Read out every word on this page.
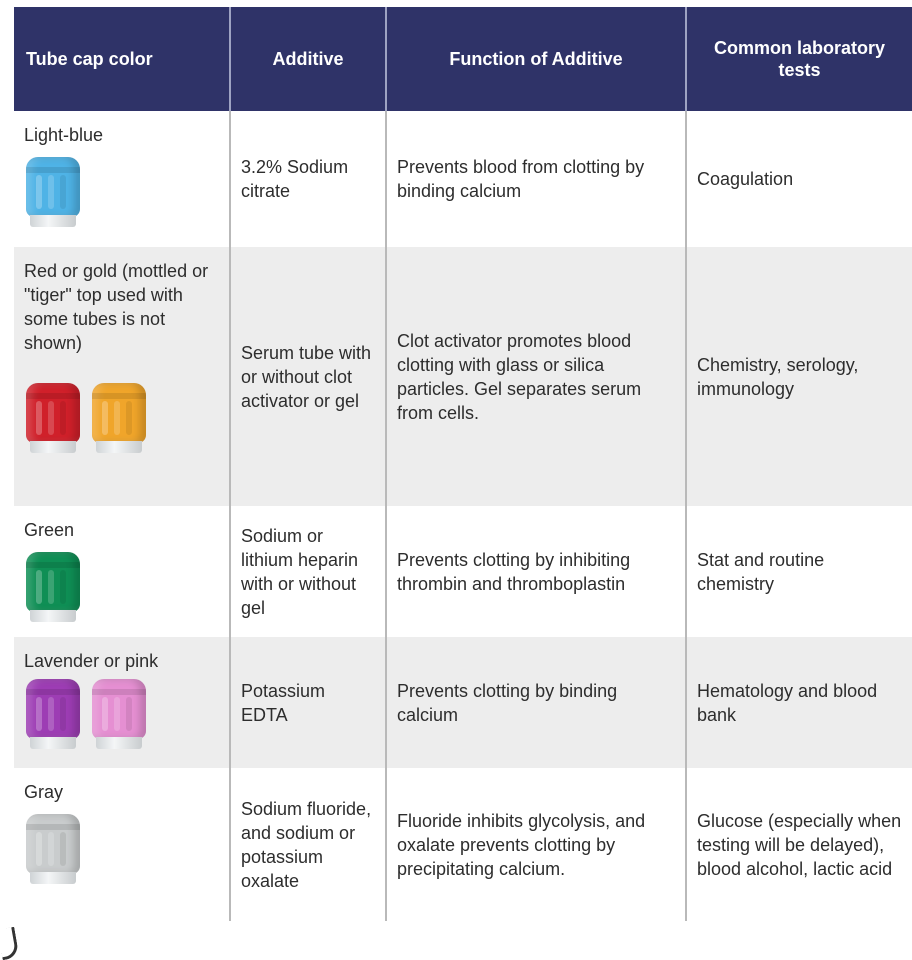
Tube cap color	Additive	Function of Additive	Common laboratory tests

Light-blue	3.2% Sodium citrate	Prevents blood from clotting by binding calcium	Coagulation

Red or gold (mottled or "tiger" top used with some tubes is not shown)	Serum tube with or without clot activator or gel	Clot activator promotes blood clotting with glass or silica particles. Gel separates serum from cells.	Chemistry, serology, immunology

Green	Sodium or lithium heparin with or without gel	Prevents clotting by inhibiting thrombin and thromboplastin	Stat and routine chemistry

Lavender or pink	Potassium EDTA	Prevents clotting by binding calcium	Hematology and blood bank

Gray	Sodium fluoride, and sodium or potassium oxalate	Fluoride inhibits glycolysis, and oxalate prevents clotting by precipitating calcium.	Glucose (especially when testing will be delayed), blood alcohol, lactic acid
